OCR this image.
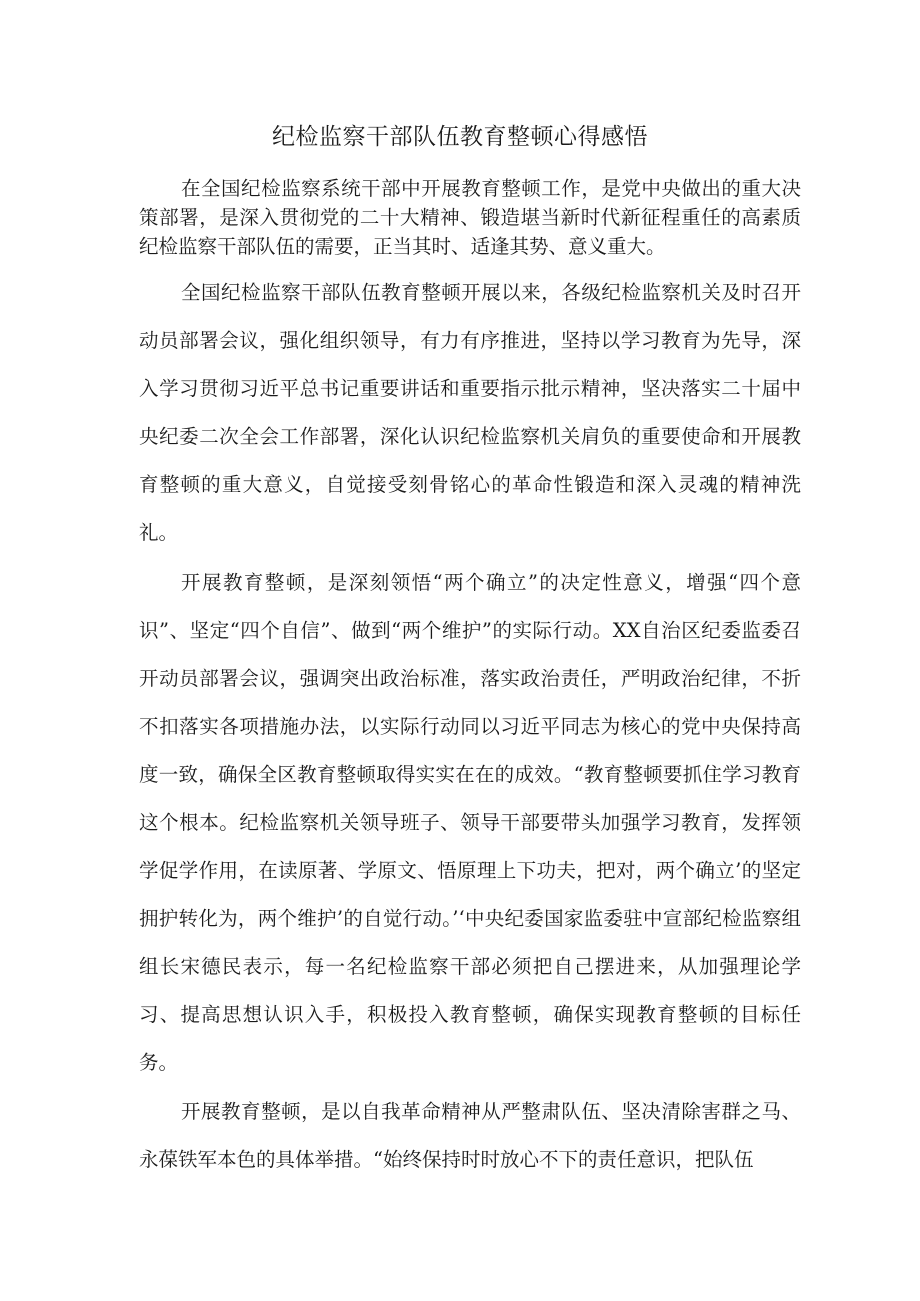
纪检监察干部队伍教育整顿心得感悟

在全国纪检监察系统干部中开展教育整顿工作，是党中央做出的重大决策部署，是深入贯彻党的二十大精神、锻造堪当新时代新征程重任的高素质纪检监察干部队伍的需要，正当其时、适逢其势、意义重大。

全国纪检监察干部队伍教育整顿开展以来，各级纪检监察机关及时召开动员部署会议，强化组织领导，有力有序推进，坚持以学习教育为先导，深入学习贯彻习近平总书记重要讲话和重要指示批示精神，坚决落实二十届中央纪委二次全会工作部署，深化认识纪检监察机关肩负的重要使命和开展教育整顿的重大意义，自觉接受刻骨铭心的革命性锻造和深入灵魂的精神洗礼。

开展教育整顿，是深刻领悟“两个确立”的决定性意义，增强“四个意识”、坚定“四个自信”、做到“两个维护”的实际行动。XX自治区纪委监委召开动员部署会议，强调突出政治标准，落实政治责任，严明政治纪律，不折不扣落实各项措施办法，以实际行动同以习近平同志为核心的党中央保持高度一致，确保全区教育整顿取得实实在在的成效。“教育整顿要抓住学习教育这个根本。纪检监察机关领导班子、领导干部要带头加强学习教育，发挥领学促学作用，在读原著、学原文、悟原理上下功夫，把对，两个确立’的坚定拥护转化为，两个维护’的自觉行动。’‘中央纪委国家监委驻中宣部纪检监察组组长宋德民表示，每一名纪检监察干部必须把自己摆进来，从加强理论学习、提高思想认识入手，积极投入教育整顿，确保实现教育整顿的目标任务。

开展教育整顿，是以自我革命精神从严整肃队伍、坚决清除害群之马、永葆铁军本色的具体举措。“始终保持时时放心不下的责任意识，把队伍
